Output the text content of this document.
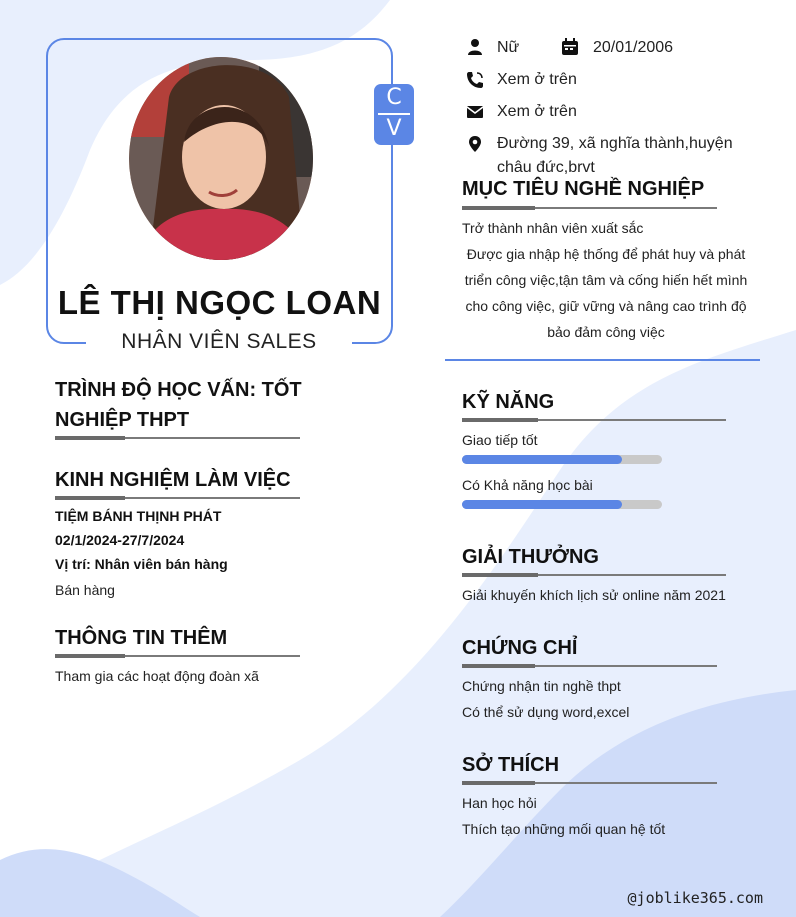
C
V
LÊ THỊ NGỌC LOAN
NHÂN VIÊN SALES
Nữ	20/01/2006
Xem ở trên
Xem ở trên
Đường 39, xã nghĩa thành,huyện
châu đức,brvt
MỤC TIÊU NGHỀ NGHIỆP
Trở thành nhân viên xuất sắc
Được gia nhập hệ thống để phát huy và phát
triển công việc,tận tâm và cống hiến hết mình
cho công việc, giữ vững và nâng cao trình độ
bảo đảm công việc
TRÌNH ĐỘ HỌC VẤN: TỐT
NGHIỆP THPT
KINH NGHIỆM LÀM VIỆC
TIỆM BÁNH THỊNH PHÁT
02/1/2024-27/7/2024
Vị trí: Nhân viên bán hàng
Bán hàng
THÔNG TIN THÊM
Tham gia các hoạt động đoàn xã
KỸ NĂNG
Giao tiếp tốt
Có Khả năng học bài
GIẢI THƯỞNG
Giải khuyến khích lịch sử online năm 2021
CHỨNG CHỈ
Chứng nhận tin nghề thpt
Có thể sử dụng word,excel
SỞ THÍCH
Han học hỏi
Thích tạo những mối quan hệ tốt
@joblike365.com
